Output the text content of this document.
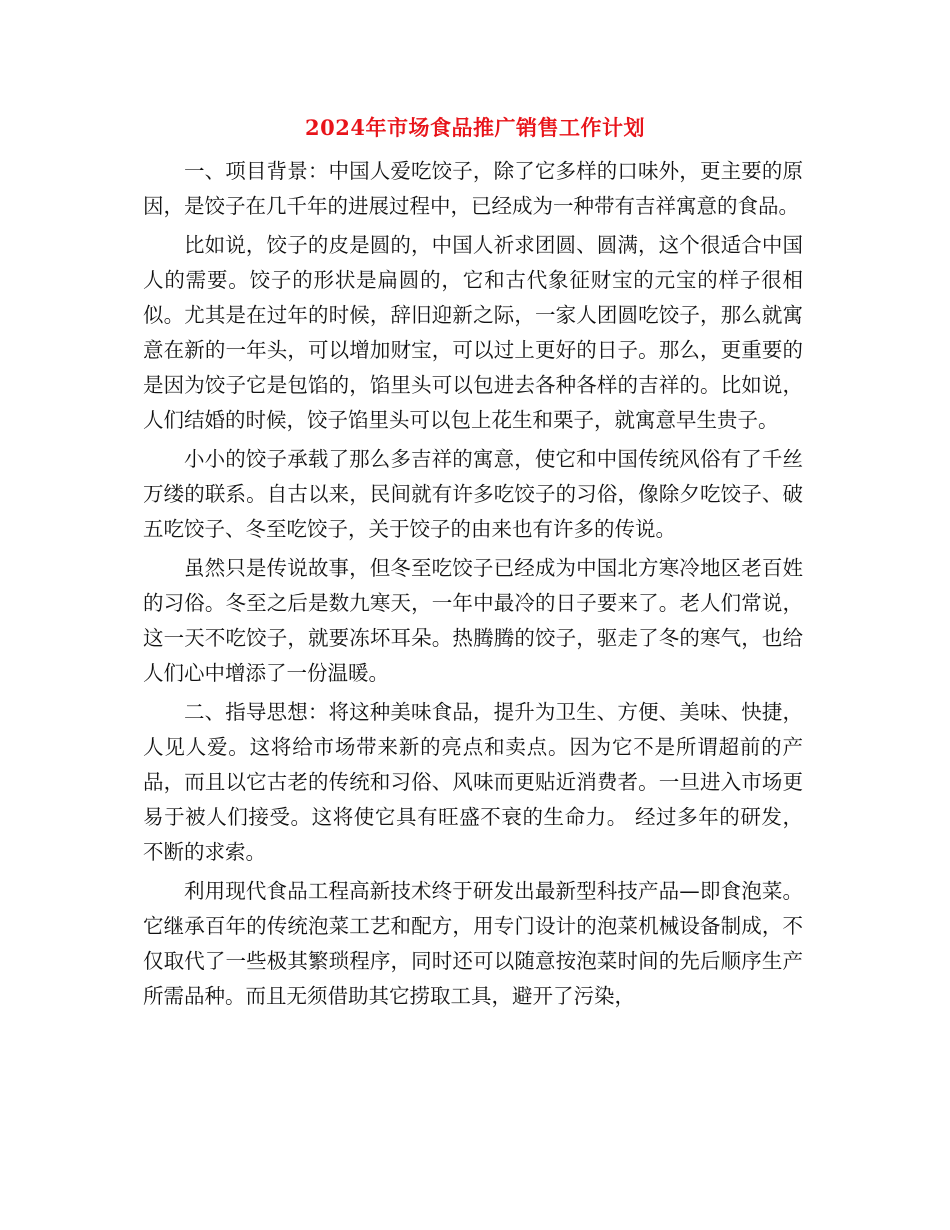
2024年市场食品推广销售工作计划

一、项目背景：中国人爱吃饺子，除了它多样的口味外，更主要的原因，是饺子在几千年的进展过程中，已经成为一种带有吉祥寓意的食品。

比如说，饺子的皮是圆的，中国人祈求团圆、圆满，这个很适合中国人的需要。饺子的形状是扁圆的，它和古代象征财宝的元宝的样子很相似。尤其是在过年的时候，辞旧迎新之际，一家人团圆吃饺子，那么就寓意在新的一年头，可以增加财宝，可以过上更好的日子。那么，更重要的是因为饺子它是包馅的，馅里头可以包进去各种各样的吉祥的。比如说，人们结婚的时候，饺子馅里头可以包上花生和栗子，就寓意早生贵子。

小小的饺子承载了那么多吉祥的寓意，使它和中国传统风俗有了千丝万缕的联系。自古以来，民间就有许多吃饺子的习俗，像除夕吃饺子、破五吃饺子、冬至吃饺子，关于饺子的由来也有许多的传说。

虽然只是传说故事，但冬至吃饺子已经成为中国北方寒冷地区老百姓的习俗。冬至之后是数九寒天，一年中最冷的日子要来了。老人们常说，这一天不吃饺子，就要冻坏耳朵。热腾腾的饺子，驱走了冬的寒气，也给人们心中增添了一份温暖。

二、指导思想：将这种美味食品，提升为卫生、方便、美味、快捷，人见人爱。这将给市场带来新的亮点和卖点。因为它不是所谓超前的产品，而且以它古老的传统和习俗、风味而更贴近消费者。一旦进入市场更易于被人们接受。这将使它具有旺盛不衰的生命力。 经过多年的研发，不断的求索。

利用现代食品工程高新技术终于研发出最新型科技产品—即食泡菜。它继承百年的传统泡菜工艺和配方，用专门设计的泡菜机械设备制成，不仅取代了一些极其繁琐程序，同时还可以随意按泡菜时间的先后顺序生产所需品种。而且无须借助其它捞取工具，避开了污染，
